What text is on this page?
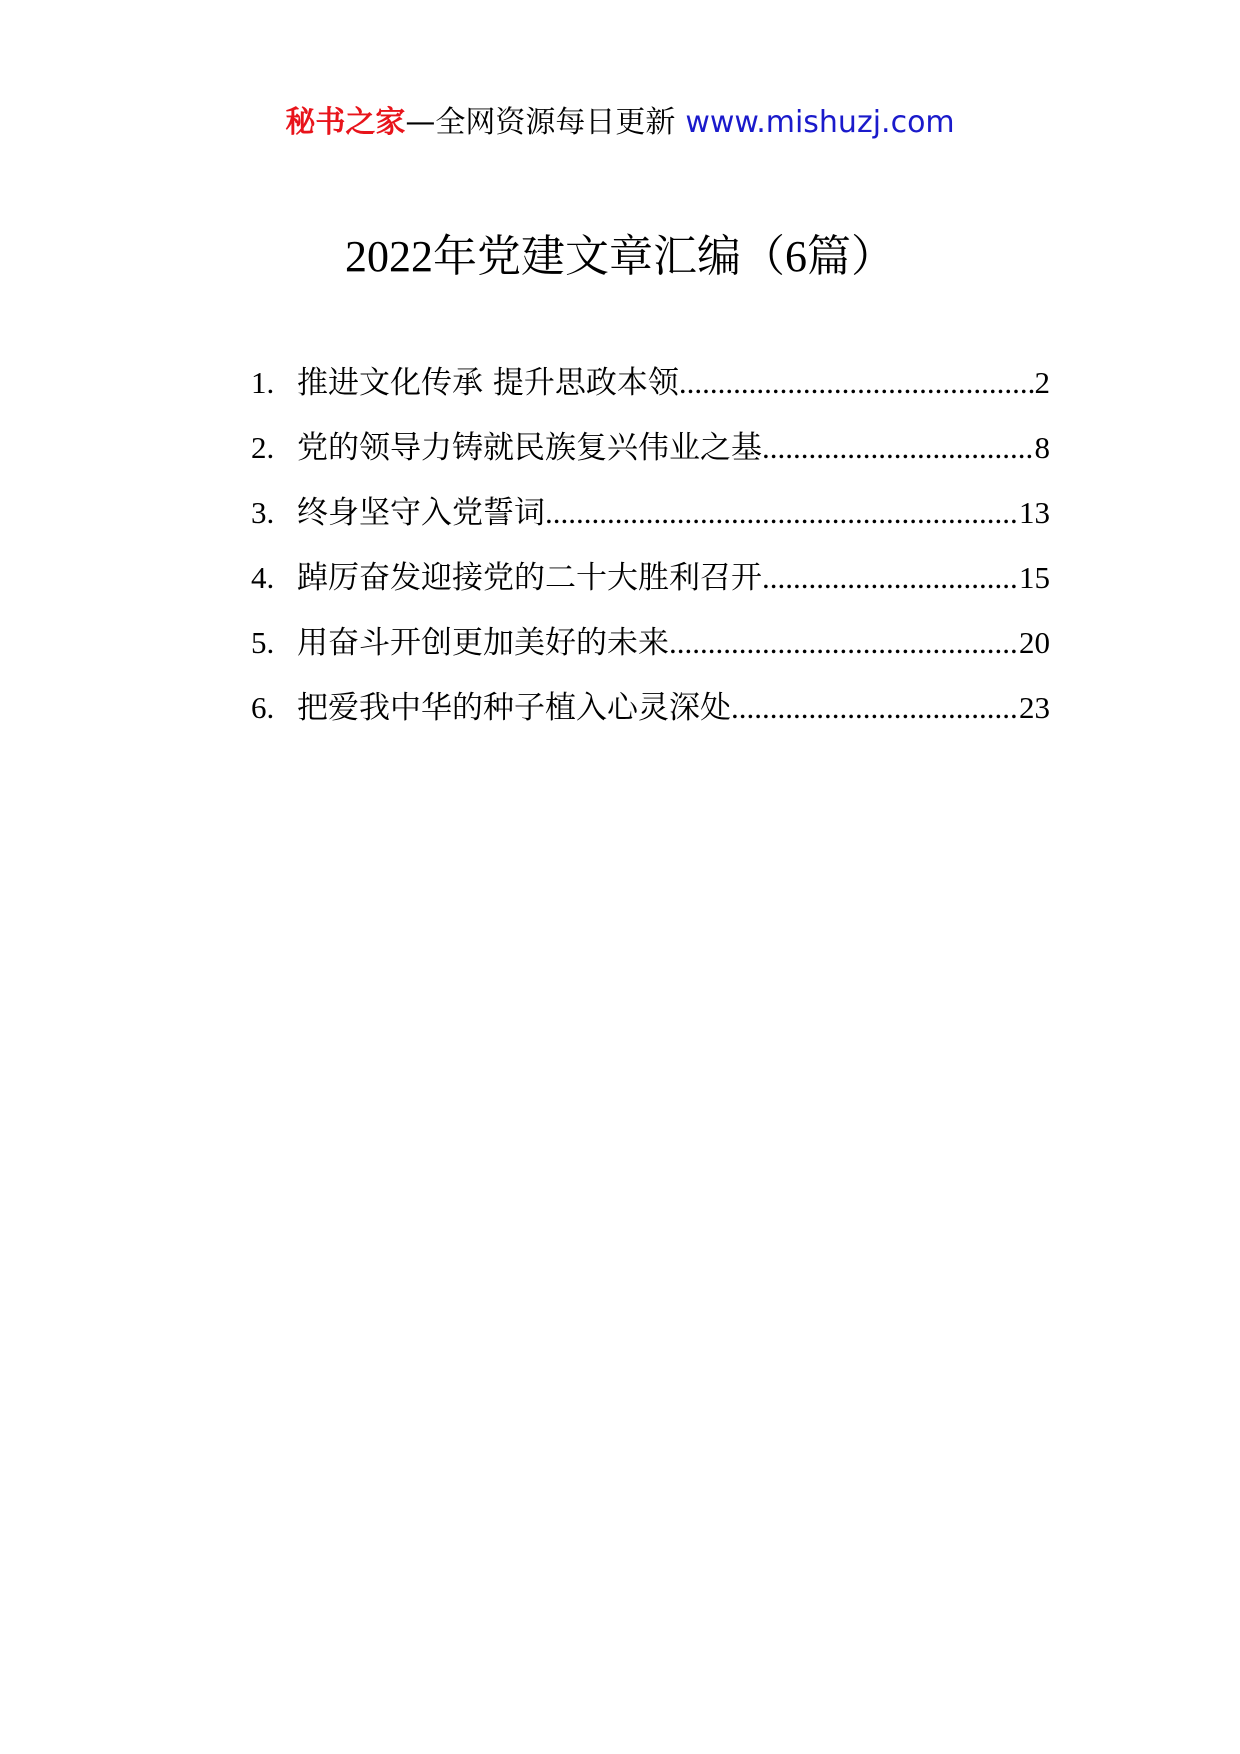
秘书之家—全网资源每日更新 www.mishuzj.com
2022年党建文章汇编（6篇）
1. 推进文化传承 提升思政本领 .....	2
2. 党的领导力铸就民族复兴伟业之基 .....	8
3. 终身坚守入党誓词 .....	13
4. 踔厉奋发迎接党的二十大胜利召开 .....	15
5. 用奋斗开创更加美好的未来 .....	20
6. 把爱我中华的种子植入心灵深处 .....	23
